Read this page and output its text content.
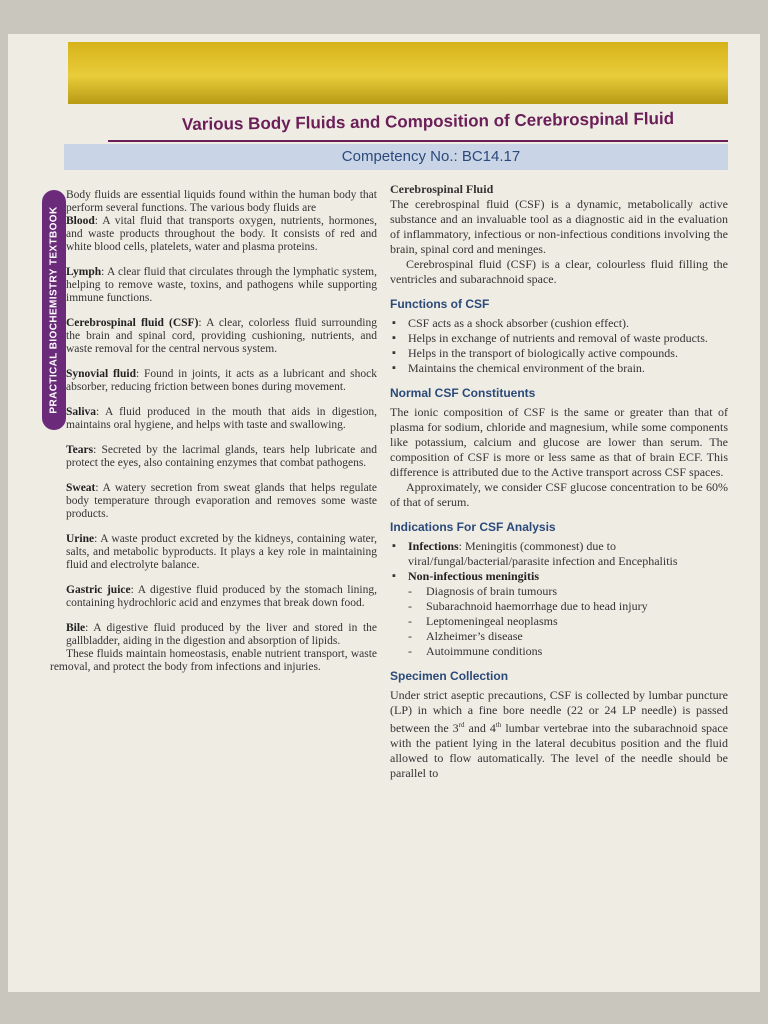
Various Body Fluids and Composition of Cerebrospinal Fluid
Competency No.: BC14.17
PRACTICAL BIOCHEMISTRY TEXTBOOK

Body fluids are essential liquids found within the human body that perform several functions. The various body fluids are

Blood: A vital fluid that transports oxygen, nutrients, hormones, and waste products throughout the body. It consists of red and white blood cells, platelets, water and plasma proteins.

Lymph: A clear fluid that circulates through the lymphatic system, helping to remove waste, toxins, and pathogens while supporting immune functions.

Cerebrospinal fluid (CSF): A clear, colorless fluid surrounding the brain and spinal cord, providing cushioning, nutrients, and waste removal for the central nervous system.

Synovial fluid: Found in joints, it acts as a lubricant and shock absorber, reducing friction between bones during movement.

Saliva: A fluid produced in the mouth that aids in digestion, maintains oral hygiene, and helps with taste and swallowing.

Tears: Secreted by the lacrimal glands, tears help lubricate and protect the eyes, also containing enzymes that combat pathogens.

Sweat: A watery secretion from sweat glands that helps regulate body temperature through evaporation and removes some waste products.

Urine: A waste product excreted by the kidneys, containing water, salts, and metabolic byproducts. It plays a key role in maintaining fluid and electrolyte balance.

Gastric juice: A digestive fluid produced by the stomach lining, containing hydrochloric acid and enzymes that break down food.

Bile: A digestive fluid produced by the liver and stored in the gallbladder, aiding in the digestion and absorption of lipids.

These fluids maintain homeostasis, enable nutrient transport, waste removal, and protect the body from infections and injuries.

Cerebrospinal Fluid

The cerebrospinal fluid (CSF) is a dynamic, metabolically active substance and an invaluable tool as a diagnostic aid in the evaluation of inflammatory, infectious or non-infectious conditions involving the brain, spinal cord and meninges.

Cerebrospinal fluid (CSF) is a clear, colourless fluid filling the ventricles and subarachnoid space.

Functions of CSF

▪ CSF acts as a shock absorber (cushion effect).
▪ Helps in exchange of nutrients and removal of waste products.
▪ Helps in the transport of biologically active compounds.
▪ Maintains the chemical environment of the brain.

Normal CSF Constituents

The ionic composition of CSF is the same or greater than that of plasma for sodium, chloride and magnesium, while some components like potassium, calcium and glucose are lower than serum. The composition of CSF is more or less same as that of brain ECF. This difference is attributed due to the Active transport across CSF spaces.

Approximately, we consider CSF glucose concentration to be 60% of that of serum.

Indications For CSF Analysis

▪ Infections: Meningitis (commonest) due to viral/fungal/bacterial/parasite infection and Encephalitis
▪ Non-infectious meningitis
- Diagnosis of brain tumours
- Subarachnoid haemorrhage due to head injury
- Leptomeningeal neoplasms
- Alzheimer’s disease
- Autoimmune conditions

Specimen Collection

Under strict aseptic precautions, CSF is collected by lumbar puncture (LP) in which a fine bore needle (22 or 24 LP needle) is passed between the 3rd and 4th lumbar vertebrae into the subarachnoid space with the patient lying in the lateral decubitus position and the fluid allowed to flow automatically. The level of the needle should be parallel to
